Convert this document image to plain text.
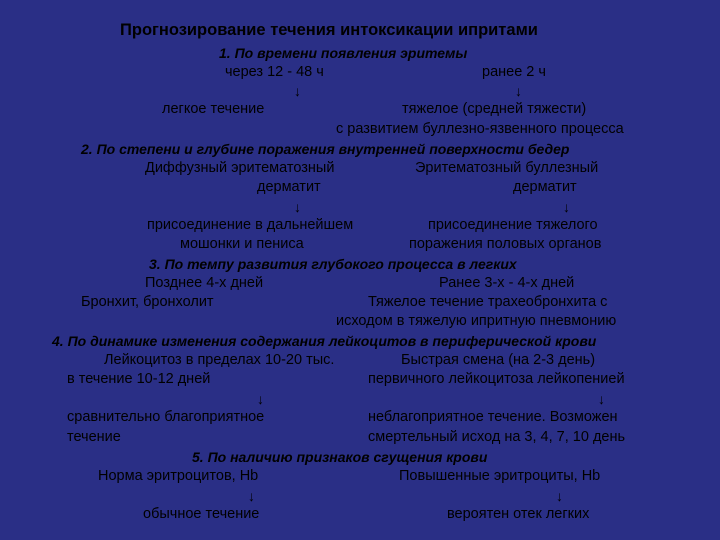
Прогнозирование течения интоксикации ипритами
1. По времени появления эритемы
через 12 - 48 ч	ранее 2 ч
↓	↓
легкое течение	тяжелое (средней тяжести)
с развитием буллезно-язвенного процесса
2. По степени и глубине поражения внутренней поверхности бедер
Диффузный эритематозный	Эритематозный буллезный
дерматит	дерматит
↓	↓
присоединение в дальнейшем	присоединение тяжелого
мошонки и пениса	поражения половых органов
3. По темпу развития глубокого процесса в легких
Позднее 4-х дней	Ранее 3-х - 4-х дней
Бронхит, бронхолит	Тяжелое течение трахеобронхита с
исходом в тяжелую ипритную пневмонию
4. По динамике изменения содержания лейкоцитов в периферической крови
Лейкоцитоз в пределах 10-20 тыс.	Быстрая смена (на 2-3 день)
в течение 10-12 дней	первичного лейкоцитоза лейкопенией
↓	↓
сравнительно благоприятное	неблагоприятное течение. Возможен
течение	смертельный исход на 3, 4, 7, 10 день
5. По наличию признаков сгущения крови
Норма эритроцитов, Hb	Повышенные эритроциты, Hb
↓	↓
обычное течение	вероятен отек легких
